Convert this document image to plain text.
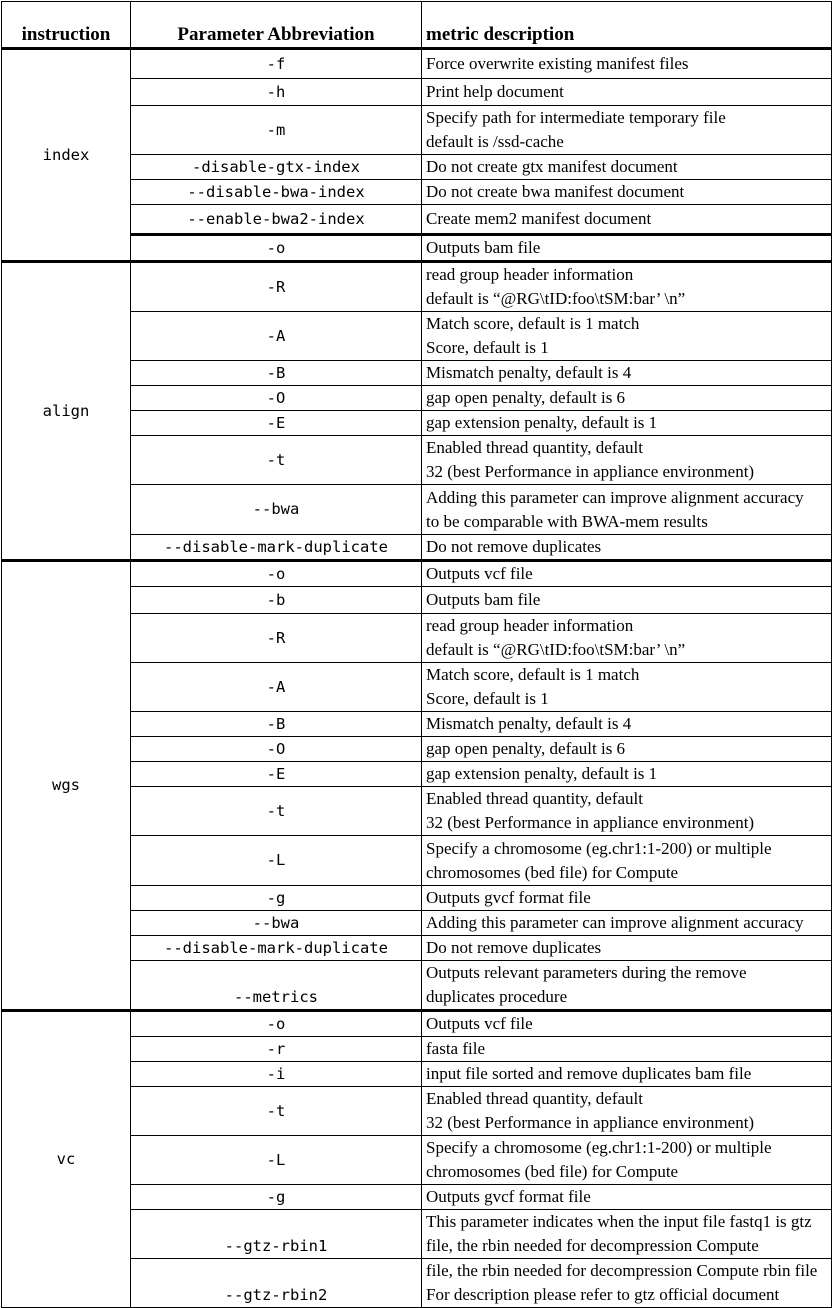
instruction	Parameter Abbreviation	metric description
index	-f	Force overwrite existing manifest files

	-h	Print help document

	-m	Specify path for intermediate temporary file
default is /ssd-cache

	-disable-gtx-index	Do not create gtx manifest document

	--disable-bwa-index	Do not create bwa manifest document

	--enable-bwa2-index	Create mem2 manifest document

	-o	Outputs bam file

align	-R	read group header information
default is “@RG\tID:foo\tSM:bar’ \n”

	-A	Match score, default is 1 match
Score, default is 1

	-B	Mismatch penalty, default is 4

	-O	gap open penalty, default is 6

	-E	gap extension penalty, default is 1

	-t	Enabled thread quantity, default
32 (best Performance in appliance environment)

	--bwa	Adding this parameter can improve alignment accuracy
to be comparable with BWA-mem results

	--disable-mark-duplicate	Do not remove duplicates

wgs	-o	Outputs vcf file

	-b	Outputs bam file

	-R	read group header information
default is “@RG\tID:foo\tSM:bar’ \n”

	-A	Match score, default is 1 match
Score, default is 1

	-B	Mismatch penalty, default is 4

	-O	gap open penalty, default is 6

	-E	gap extension penalty, default is 1

	-t	Enabled thread quantity, default
32 (best Performance in appliance environment)

	-L	Specify a chromosome (eg.chr1:1-200) or multiple
chromosomes (bed file) for Compute

	-g	Outputs gvcf format file

	--bwa	Adding this parameter can improve alignment accuracy

	--disable-mark-duplicate	Do not remove duplicates

	--metrics	Outputs relevant parameters during the remove
duplicates procedure

vc	-o	Outputs vcf file

	-r	fasta file

	-i	input file sorted and remove duplicates bam file

	-t	Enabled thread quantity, default
32 (best Performance in appliance environment)

	-L	Specify a chromosome (eg.chr1:1-200) or multiple
chromosomes (bed file) for Compute

	-g	Outputs gvcf format file

	--gtz-rbin1	This parameter indicates when the input file fastq1 is gtz
file, the rbin needed for decompression Compute

	--gtz-rbin2	file, the rbin needed for decompression Compute rbin file
For description please refer to gtz official document
